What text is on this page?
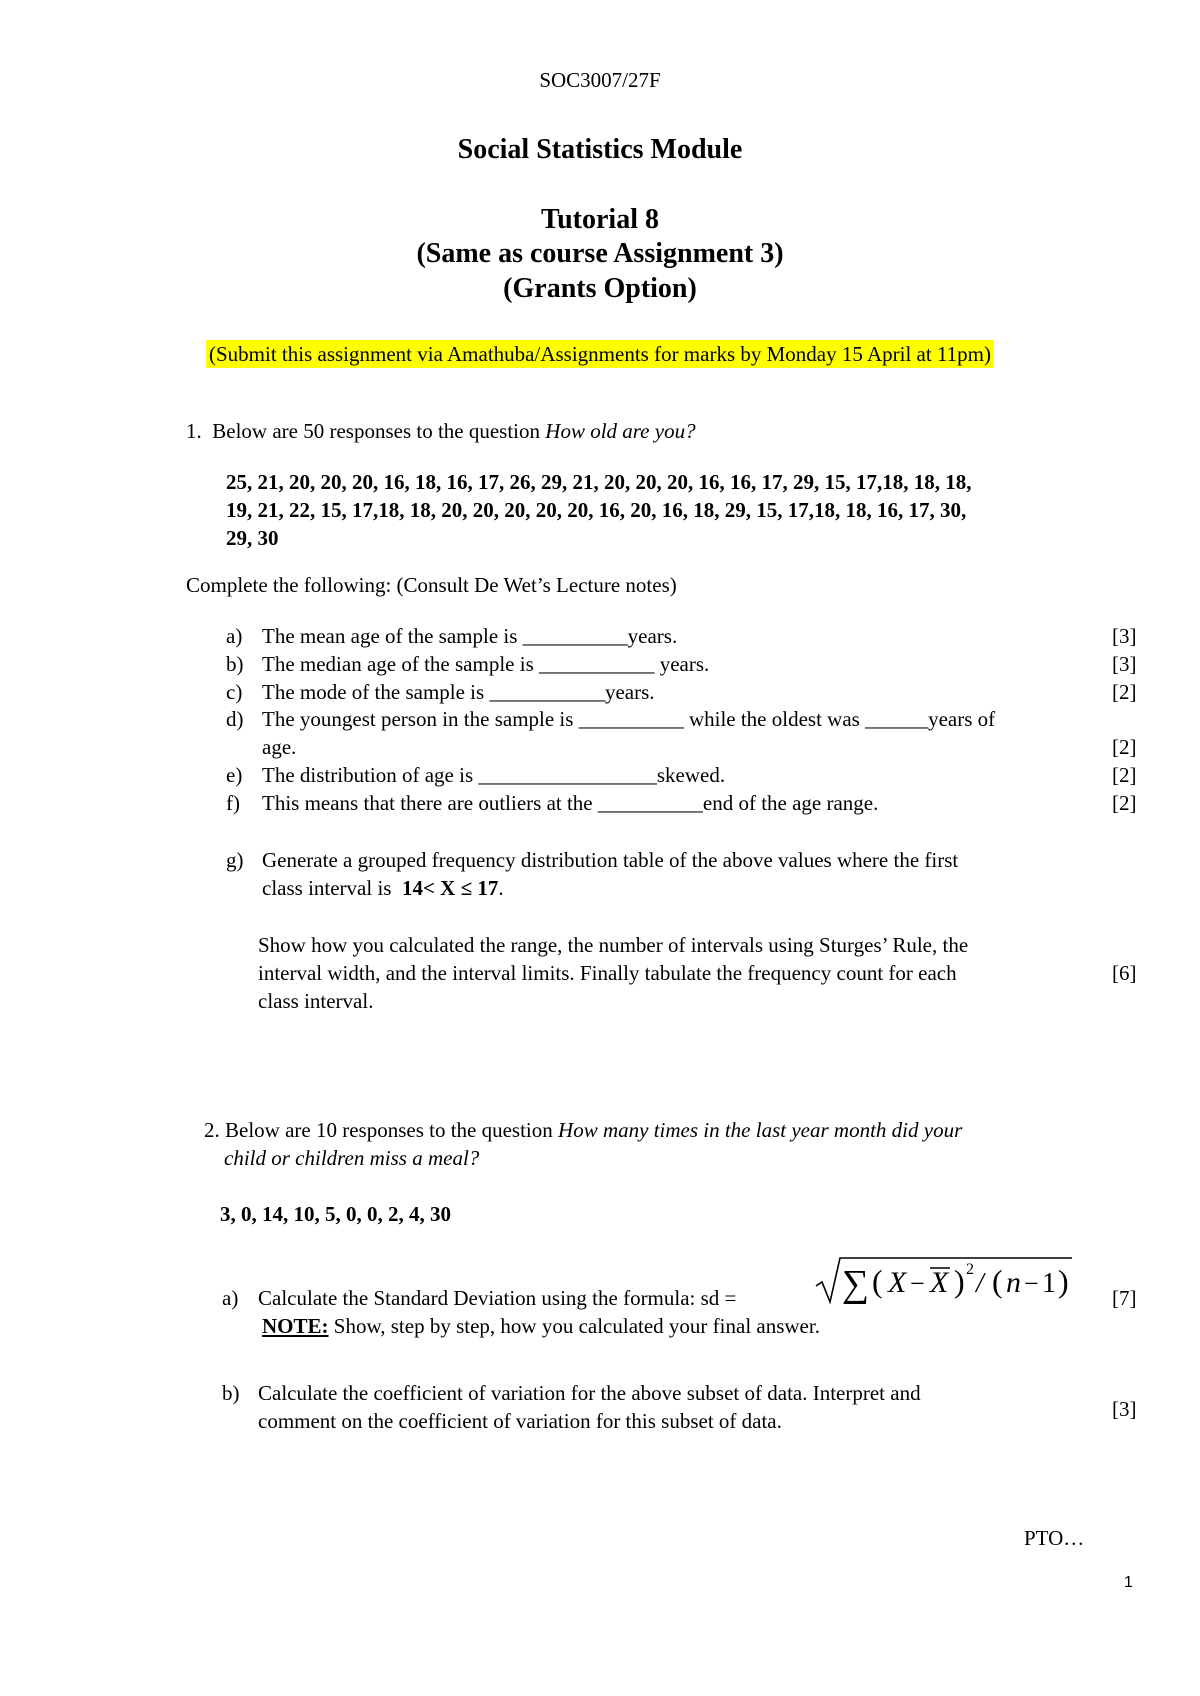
SOC3007/27F
Social Statistics Module
Tutorial 8
(Same as course Assignment 3)
(Grants Option)
(Submit this assignment via Amathuba/Assignments for marks by Monday 15 April at 11pm)
1. Below are 50 responses to the question How old are you?
25, 21, 20, 20, 20, 16, 18, 16, 17, 26, 29, 21, 20, 20, 20, 16, 16, 17, 29, 15, 17,18, 18, 18,
19, 21, 22, 15, 17,18, 18, 20, 20, 20, 20, 20, 16, 20, 16, 18, 29, 15, 17,18, 18, 16, 17, 30,
29, 30
Complete the following: (Consult De Wet’s Lecture notes)
a) The mean age of the sample is __________years.	[3]
b) The median age of the sample is ___________ years.	[3]
c) The mode of the sample is ___________years.	[2]
d) The youngest person in the sample is __________ while the oldest was ______years of
age.	[2]
e) The distribution of age is _________________skewed.	[2]
f) This means that there are outliers at the __________end of the age range.	[2]
g) Generate a grouped frequency distribution table of the above values where the first
class interval is  14< X ≤ 17.
Show how you calculated the range, the number of intervals using Sturges’ Rule, the
interval width, and the interval limits. Finally tabulate the frequency count for each	[6]
class interval.
2. Below are 10 responses to the question How many times in the last year month did your
child or children miss a meal?
3, 0, 14, 10, 5, 0, 0, 2, 4, 30
a) Calculate the Standard Deviation using the formula: sd =	∑ ( X − X ) 2 / ( n − 1 ) [7]
NOTE: Show, step by step, how you calculated your final answer.
b) Calculate the coefficient of variation for the above subset of data. Interpret and
comment on the coefficient of variation for this subset of data.	[3]
PTO…
1
